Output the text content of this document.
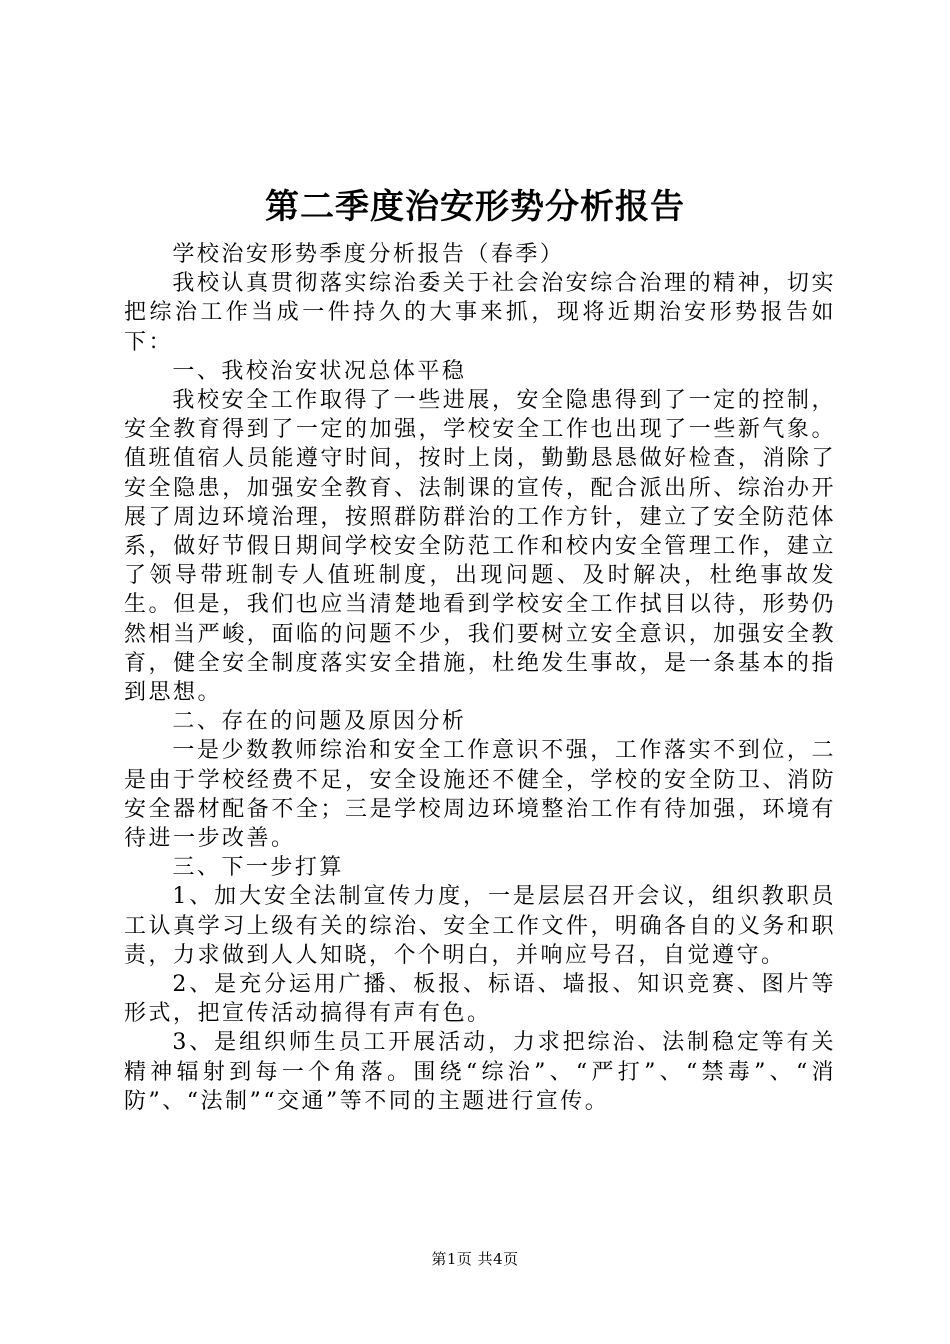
第二季度治安形势分析报告

学校治安形势季度分析报告（春季）

我校认真贯彻落实综治委关于社会治安综合治理的精神，切实把综治工作当成一件持久的大事来抓，现将近期治安形势报告如下：

一、我校治安状况总体平稳

我校安全工作取得了一些进展，安全隐患得到了一定的控制，安全教育得到了一定的加强，学校安全工作也出现了一些新气象。值班值宿人员能遵守时间，按时上岗，勤勤恳恳做好检查，消除了安全隐患，加强安全教育、法制课的宣传，配合派出所、综治办开展了周边环境治理，按照群防群治的工作方针，建立了安全防范体系，做好节假日期间学校安全防范工作和校内安全管理工作，建立了领导带班制专人值班制度，出现问题、及时解决，杜绝事故发生。但是，我们也应当清楚地看到学校安全工作拭目以待，形势仍然相当严峻，面临的问题不少，我们要树立安全意识，加强安全教育，健全安全制度落实安全措施，杜绝发生事故，是一条基本的指到思想。

二、存在的问题及原因分析

一是少数教师综治和安全工作意识不强，工作落实不到位，二是由于学校经费不足，安全设施还不健全，学校的安全防卫、消防安全器材配备不全；三是学校周边环境整治工作有待加强，环境有待进一步改善。

三、下一步打算

1、加大安全法制宣传力度，一是层层召开会议，组织教职员工认真学习上级有关的综治、安全工作文件，明确各自的义务和职责，力求做到人人知晓，个个明白，并响应号召，自觉遵守。

2、是充分运用广播、板报、标语、墙报、知识竞赛、图片等形式，把宣传活动搞得有声有色。

3、是组织师生员工开展活动，力求把综治、法制稳定等有关精神辐射到每一个角落。围绕“综治”、“严打”、“禁毒”、“消防”、“法制”“交通”等不同的主题进行宣传。

第1页 共4页
